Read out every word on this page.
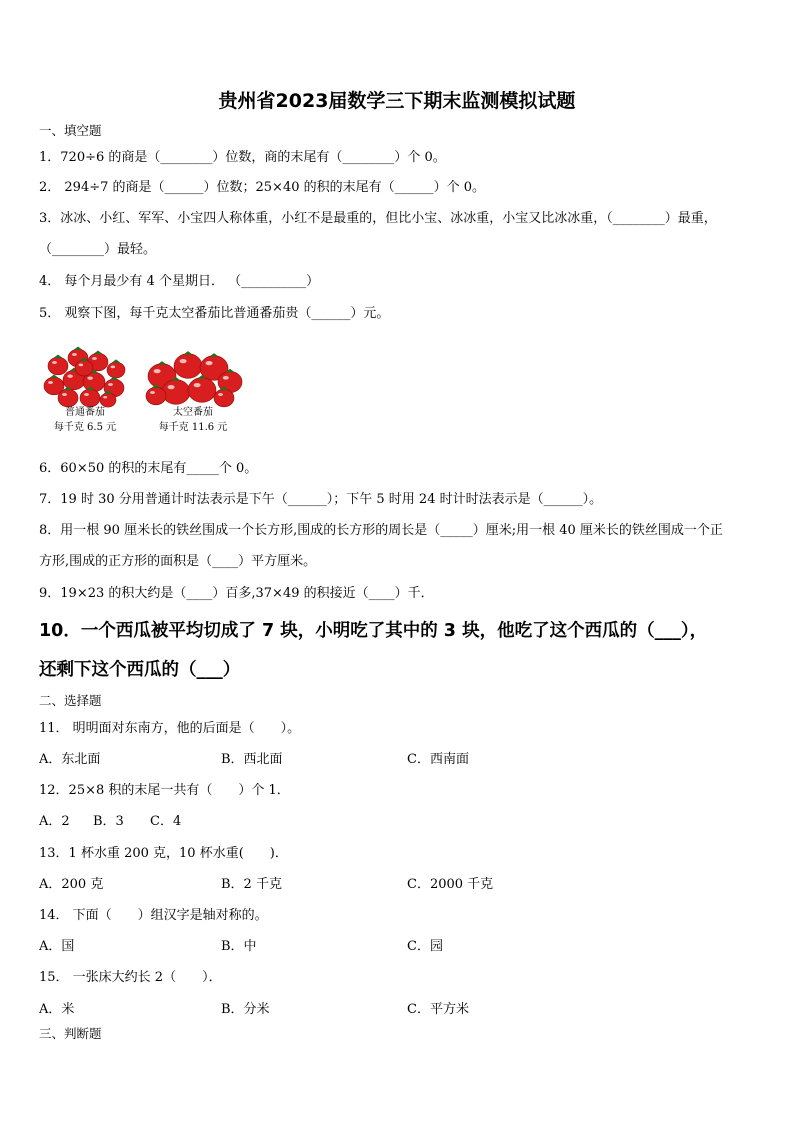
贵州省2023届数学三下期末监测模拟试题
一、填空题
1．720÷6 的商是（________）位数，商的末尾有（________）个 0。
2． 294÷7 的商是（______）位数；25×40 的积的末尾有（______）个 0。
3．冰冰、小红、军军、小宝四人称体重，小红不是最重的，但比小宝、冰冰重，小宝又比冰冰重，（________）最重，
（________）最轻。
4． 每个月最少有 4 个星期日． （__________）
5． 观察下图，每千克太空番茄比普通番茄贵（______）元。
普通番茄
每千克 6.5 元
太空番茄
每千克 11.6 元
6．60×50 的积的末尾有_____个 0。
7．19 时 30 分用普通计时法表示是下午（______）；下午 5 时用 24 时计时法表示是（______）。
8．用一根 90 厘米长的铁丝围成一个长方形,围成的长方形的周长是（_____）厘米;用一根 40 厘米长的铁丝围成一个正
方形,围成的正方形的面积是（____）平方厘米。
9．19×23 的积大约是（____）百多,37×49 的积接近（____）千．
10．一个西瓜被平均切成了 7 块，小明吃了其中的 3 块，他吃了这个西瓜的（___），
还剩下这个西瓜的（___）
二、选择题
11． 明明面对东南方，他的后面是（　　）。
A．东北面	B．西北面	C．西南面
12．25×8 积的末尾一共有（　　）个 1．
A．2 B．3 C．4
13．1 杯水重 200 克，10 杯水重(　　)．
A．200 克	B．2 千克	C．2000 千克
14． 下面（　　）组汉字是轴对称的。
A．国	B．中	C．园
15． 一张床大约长 2（　　）．
A．米	B．分米	C．平方米
三、判断题
